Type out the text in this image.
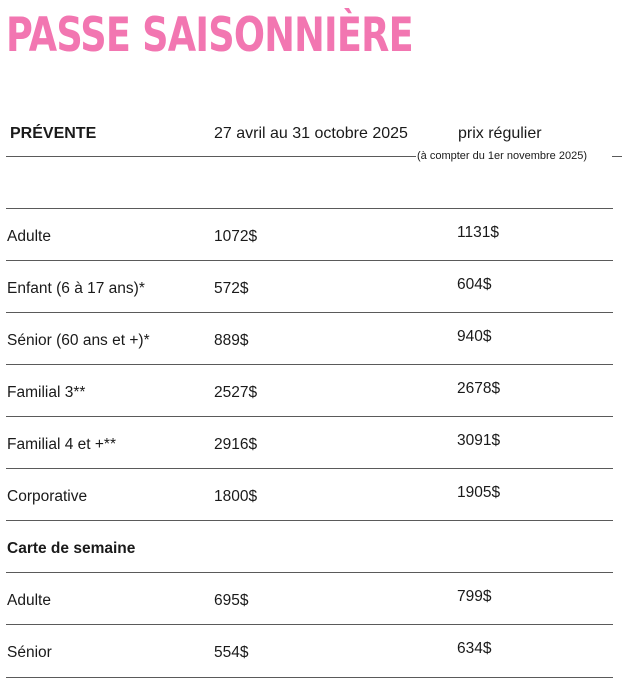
PASSE SAISONNIÈRE
PRÉVENTE	27 avril au 31 octobre 2025	prix régulier
(à compter du 1er novembre 2025)
Adulte	1072$	1131$
Enfant (6 à 17 ans)*	572$	604$
Sénior (60 ans et +)*	889$	940$
Familial 3**	2527$	2678$
Familial 4 et +**	2916$	3091$
Corporative	1800$	1905$
Carte de semaine
Adulte	695$	799$
Sénior	554$	634$
